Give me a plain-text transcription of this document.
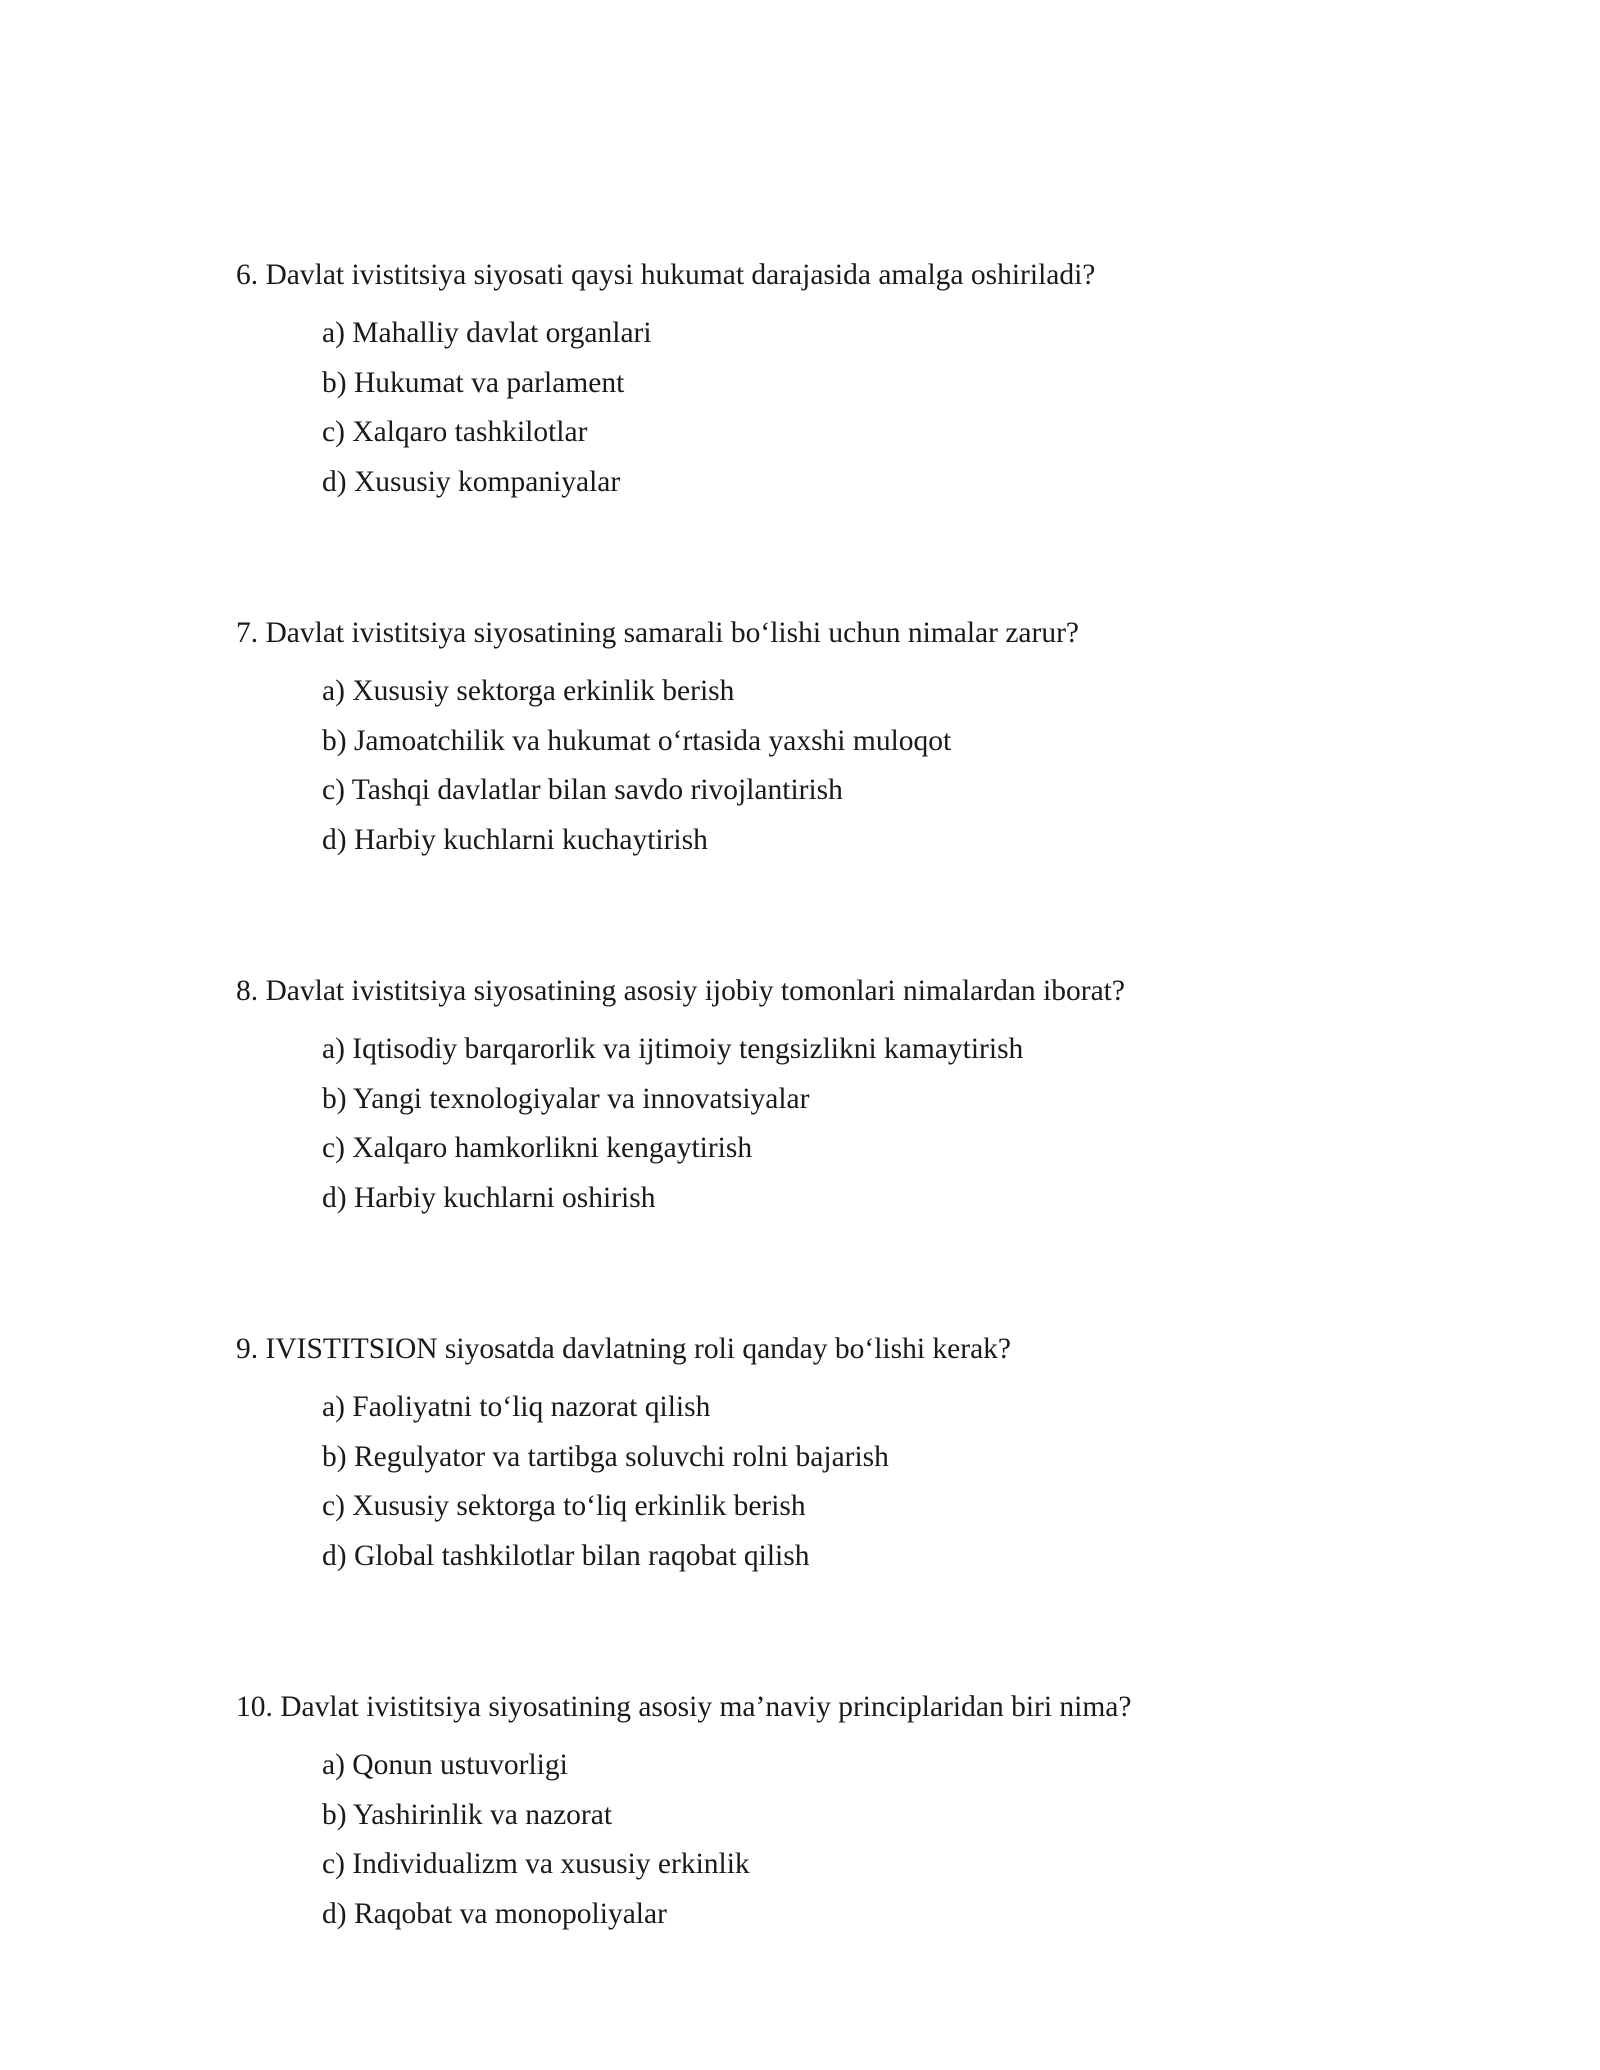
6. Davlat ivistitsiya siyosati qaysi hukumat darajasida amalga oshiriladi?

a) Mahalliy davlat organlari
b) Hukumat va parlament
c) Xalqaro tashkilotlar
d) Xususiy kompaniyalar

7. Davlat ivistitsiya siyosatining samarali bo‘lishi uchun nimalar zarur?

a) Xususiy sektorga erkinlik berish
b) Jamoatchilik va hukumat o‘rtasida yaxshi muloqot
c) Tashqi davlatlar bilan savdo rivojlantirish
d) Harbiy kuchlarni kuchaytirish

8. Davlat ivistitsiya siyosatining asosiy ijobiy tomonlari nimalardan iborat?

a) Iqtisodiy barqarorlik va ijtimoiy tengsizlikni kamaytirish
b) Yangi texnologiyalar va innovatsiyalar
c) Xalqaro hamkorlikni kengaytirish
d) Harbiy kuchlarni oshirish

9. IVISTITSION siyosatda davlatning roli qanday bo‘lishi kerak?

a) Faoliyatni to‘liq nazorat qilish
b) Regulyator va tartibga soluvchi rolni bajarish
c) Xususiy sektorga to‘liq erkinlik berish
d) Global tashkilotlar bilan raqobat qilish

10. Davlat ivistitsiya siyosatining asosiy ma’naviy principlaridan biri nima?

a) Qonun ustuvorligi
b) Yashirinlik va nazorat
c) Individualizm va xususiy erkinlik
d) Raqobat va monopoliyalar
